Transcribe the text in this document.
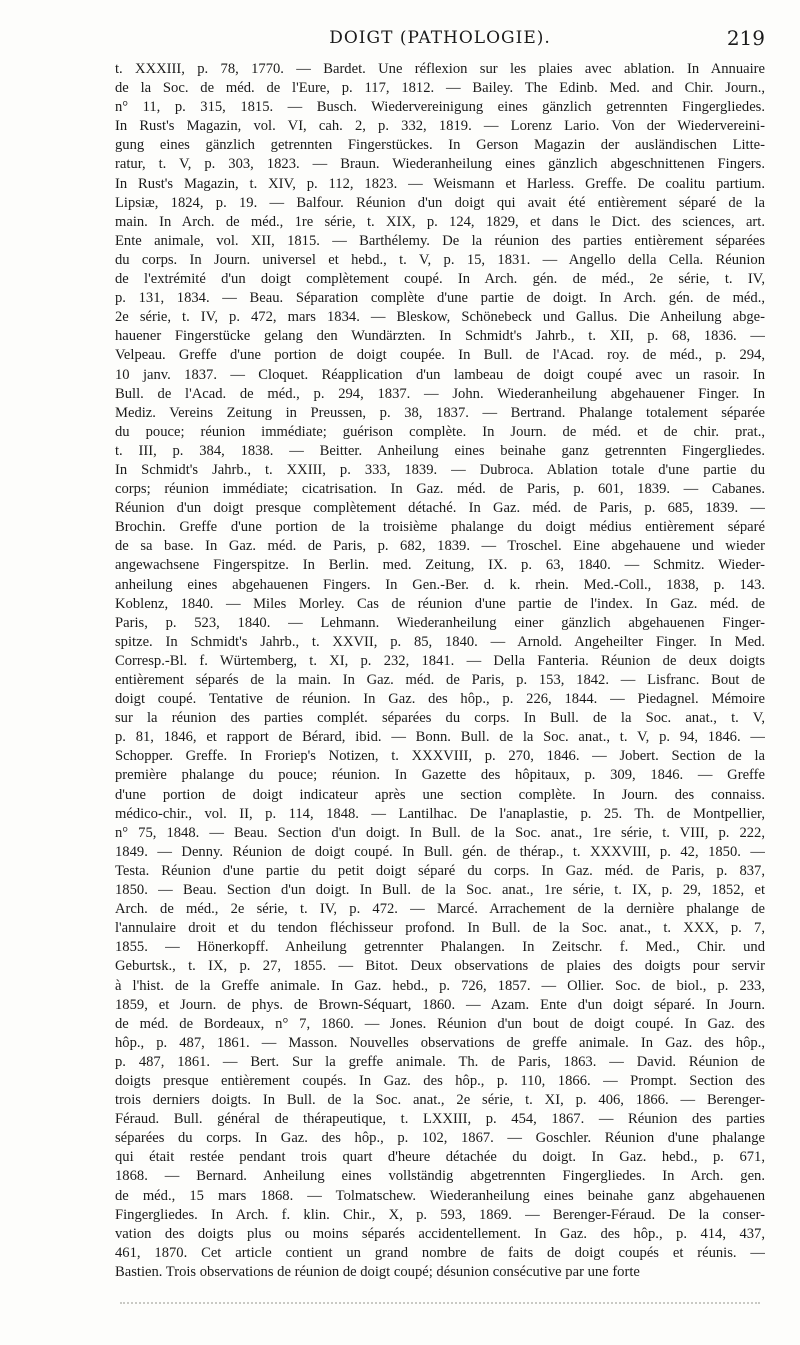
DOIGT (PATHOLOGIE).	219
t. XXXIII, p. 78, 1770. — Bardet. Une réflexion sur les plaies avec ablation. In Annuaire
de la Soc. de méd. de l'Eure, p. 117, 1812. — Bailey. The Edinb. Med. and Chir. Journ.,
n° 11, p. 315, 1815. — Busch. Wiedervereinigung eines gänzlich getrennten Fingergliedes.
In Rust's Magazin, vol. VI, cah. 2, p. 332, 1819. — Lorenz Lario. Von der Wiedervereini-
gung eines gänzlich getrennten Fingerstückes. In Gerson Magazin der ausländischen Litte-
ratur, t. V, p. 303, 1823. — Braun. Wiederanheilung eines gänzlich abgeschnittenen Fingers.
In Rust's Magazin, t. XIV, p. 112, 1823. — Weismann et Harless. Greffe. De coalitu partium.
Lipsiæ, 1824, p. 19. — Balfour. Réunion d'un doigt qui avait été entièrement séparé de la
main. In Arch. de méd., 1re série, t. XIX, p. 124, 1829, et dans le Dict. des sciences, art.
Ente animale, vol. XII, 1815. — Barthélemy. De la réunion des parties entièrement séparées
du corps. In Journ. universel et hebd., t. V, p. 15, 1831. — Angello della Cella. Réunion
de l'extrémité d'un doigt complètement coupé. In Arch. gén. de méd., 2e série, t. IV,
p. 131, 1834. — Beau. Séparation complète d'une partie de doigt. In Arch. gén. de méd.,
2e série, t. IV, p. 472, mars 1834. — Bleskow, Schönebeck und Gallus. Die Anheilung abge-
hauener Fingerstücke gelang den Wundärzten. In Schmidt's Jahrb., t. XII, p. 68, 1836. —
Velpeau. Greffe d'une portion de doigt coupée. In Bull. de l'Acad. roy. de méd., p. 294,
10 janv. 1837. — Cloquet. Réapplication d'un lambeau de doigt coupé avec un rasoir. In
Bull. de l'Acad. de méd., p. 294, 1837. — John. Wiederanheilung abgehauener Finger. In
Mediz. Vereins Zeitung in Preussen, p. 38, 1837. — Bertrand. Phalange totalement séparée
du pouce; réunion immédiate; guérison complète. In Journ. de méd. et de chir. prat.,
t. III, p. 384, 1838. — Beitter. Anheilung eines beinahe ganz getrennten Fingergliedes.
In Schmidt's Jahrb., t. XXIII, p. 333, 1839. — Dubroca. Ablation totale d'une partie du
corps; réunion immédiate; cicatrisation. In Gaz. méd. de Paris, p. 601, 1839. — Cabanes.
Réunion d'un doigt presque complètement détaché. In Gaz. méd. de Paris, p. 685, 1839. —
Brochin. Greffe d'une portion de la troisième phalange du doigt médius entièrement séparé
de sa base. In Gaz. méd. de Paris, p. 682, 1839. — Troschel. Eine abgehauene und wieder
angewachsene Fingerspitze. In Berlin. med. Zeitung, IX. p. 63, 1840. — Schmitz. Wieder-
anheilung eines abgehauenen Fingers. In Gen.-Ber. d. k. rhein. Med.-Coll., 1838, p. 143.
Koblenz, 1840. — Miles Morley. Cas de réunion d'une partie de l'index. In Gaz. méd. de
Paris, p. 523, 1840. — Lehmann. Wiederanheilung einer gänzlich abgehauenen Finger-
spitze. In Schmidt's Jahrb., t. XXVII, p. 85, 1840. — Arnold. Angeheilter Finger. In Med.
Corresp.-Bl. f. Würtemberg, t. XI, p. 232, 1841. — Della Fanteria. Réunion de deux doigts
entièrement séparés de la main. In Gaz. méd. de Paris, p. 153, 1842. — Lisfranc. Bout de
doigt coupé. Tentative de réunion. In Gaz. des hôp., p. 226, 1844. — Piedagnel. Mémoire
sur la réunion des parties complét. séparées du corps. In Bull. de la Soc. anat., t. V,
p. 81, 1846, et rapport de Bérard, ibid. — Bonn. Bull. de la Soc. anat., t. V, p. 94, 1846. —
Schopper. Greffe. In Froriep's Notizen, t. XXXVIII, p. 270, 1846. — Jobert. Section de la
première phalange du pouce; réunion. In Gazette des hôpitaux, p. 309, 1846. — Greffe
d'une portion de doigt indicateur après une section complète. In Journ. des connaiss.
médico-chir., vol. II, p. 114, 1848. — Lantilhac. De l'anaplastie, p. 25. Th. de Montpellier,
n° 75, 1848. — Beau. Section d'un doigt. In Bull. de la Soc. anat., 1re série, t. VIII, p. 222,
1849. — Denny. Réunion de doigt coupé. In Bull. gén. de thérap., t. XXXVIII, p. 42, 1850. —
Testa. Réunion d'une partie du petit doigt séparé du corps. In Gaz. méd. de Paris, p. 837,
1850. — Beau. Section d'un doigt. In Bull. de la Soc. anat., 1re série, t. IX, p. 29, 1852, et
Arch. de méd., 2e série, t. IV, p. 472. — Marcé. Arrachement de la dernière phalange de
l'annulaire droit et du tendon fléchisseur profond. In Bull. de la Soc. anat., t. XXX, p. 7,
1855. — Hönerkopff. Anheilung getrennter Phalangen. In Zeitschr. f. Med., Chir. und
Geburtsk., t. IX, p. 27, 1855. — Bitot. Deux observations de plaies des doigts pour servir
à l'hist. de la Greffe animale. In Gaz. hebd., p. 726, 1857. — Ollier. Soc. de biol., p. 233,
1859, et Journ. de phys. de Brown-Séquart, 1860. — Azam. Ente d'un doigt séparé. In Journ.
de méd. de Bordeaux, n° 7, 1860. — Jones. Réunion d'un bout de doigt coupé. In Gaz. des
hôp., p. 487, 1861. — Masson. Nouvelles observations de greffe animale. In Gaz. des hôp.,
p. 487, 1861. — Bert. Sur la greffe animale. Th. de Paris, 1863. — David. Réunion de
doigts presque entièrement coupés. In Gaz. des hôp., p. 110, 1866. — Prompt. Section des
trois derniers doigts. In Bull. de la Soc. anat., 2e série, t. XI, p. 406, 1866. — Berenger-
Féraud. Bull. général de thérapeutique, t. LXXIII, p. 454, 1867. — Réunion des parties
séparées du corps. In Gaz. des hôp., p. 102, 1867. — Goschler. Réunion d'une phalange
qui était restée pendant trois quart d'heure détachée du doigt. In Gaz. hebd., p. 671,
1868. — Bernard. Anheilung eines vollständig abgetrennten Fingergliedes. In Arch. gen.
de méd., 15 mars 1868. — Tolmatschew. Wiederanheilung eines beinahe ganz abgehauenen
Fingergliedes. In Arch. f. klin. Chir., X, p. 593, 1869. — Berenger-Féraud. De la conser-
vation des doigts plus ou moins séparés accidentellement. In Gaz. des hôp., p. 414, 437,
461, 1870. Cet article contient un grand nombre de faits de doigt coupés et réunis. —
Bastien. Trois observations de réunion de doigt coupé; désunion consécutive par une forte
